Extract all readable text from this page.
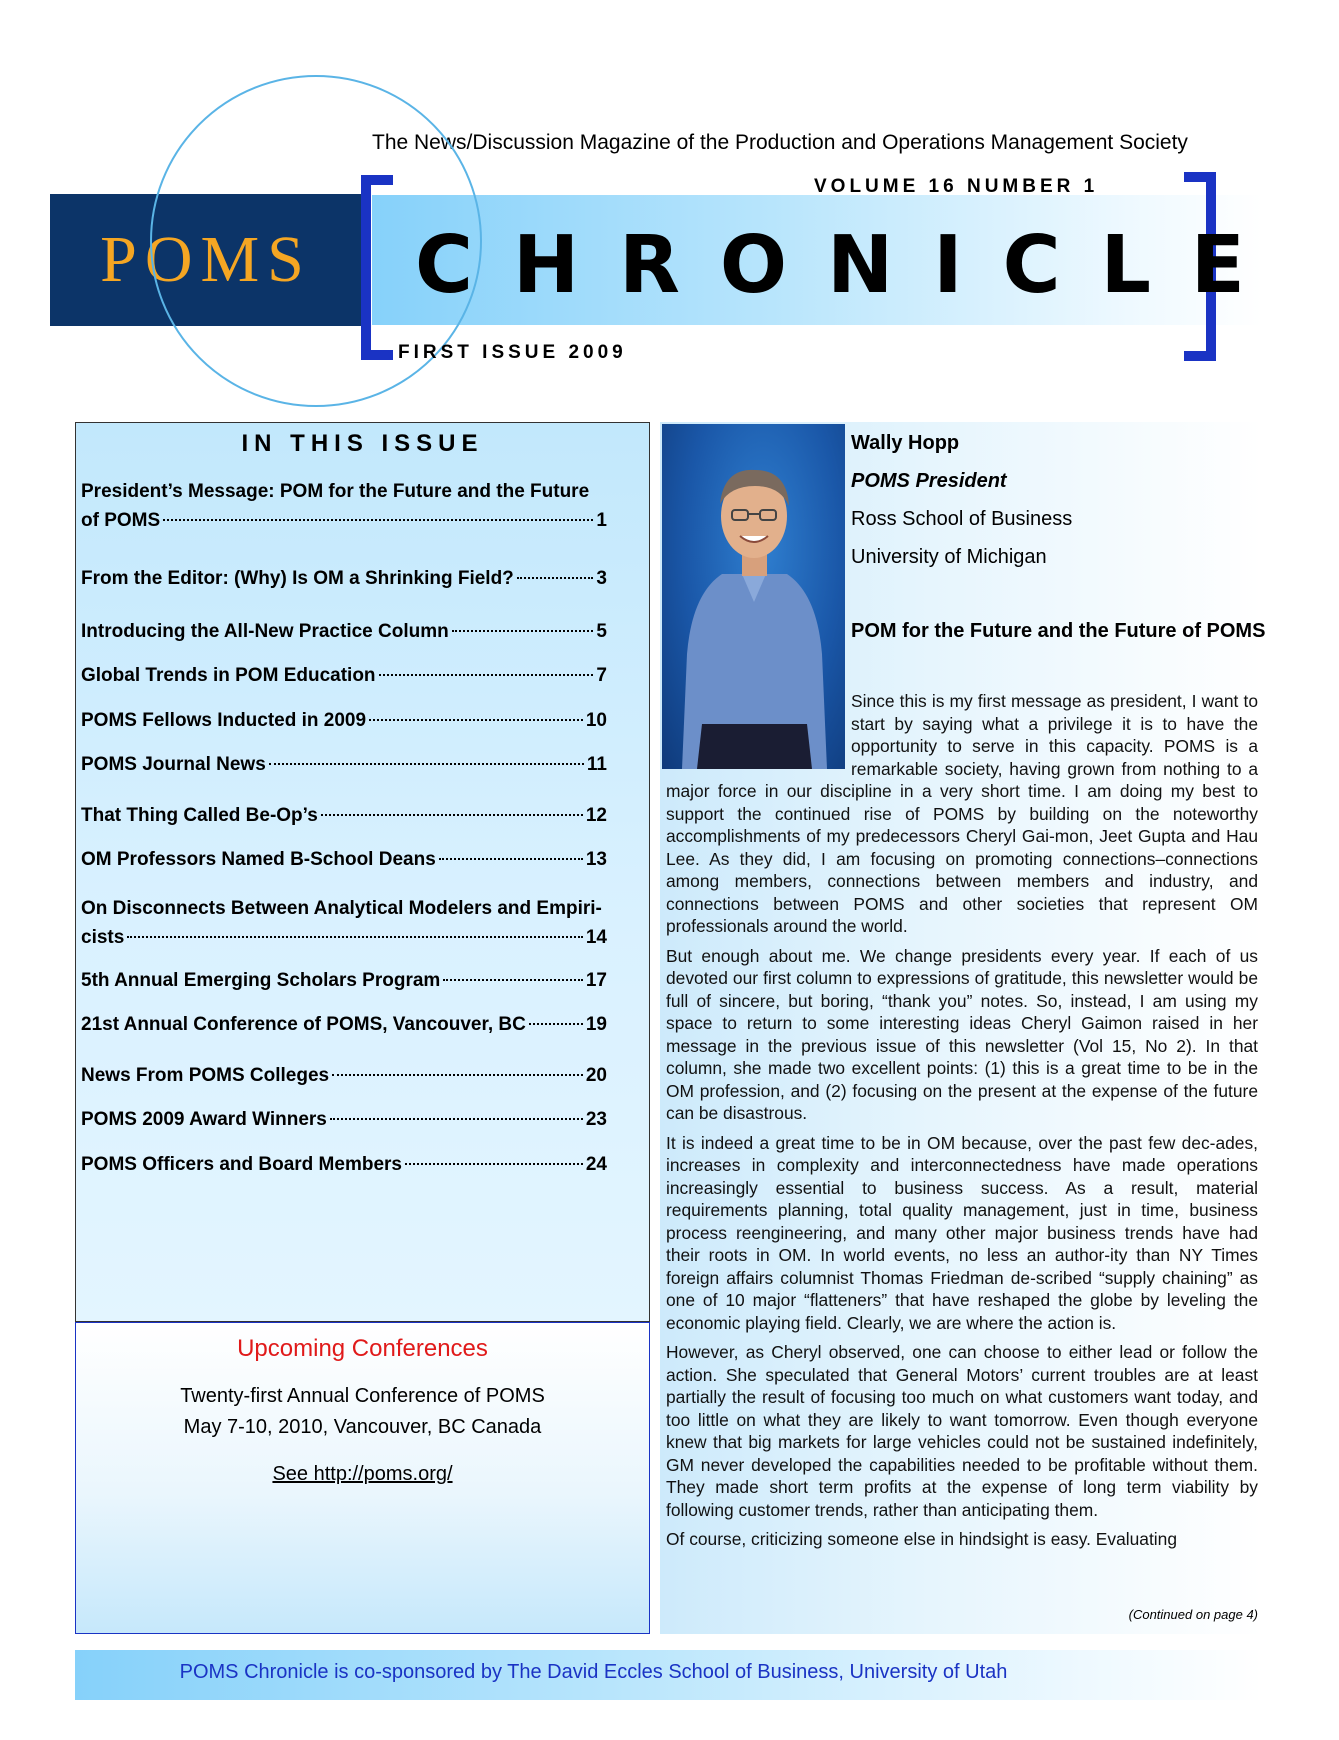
The News/Discussion Magazine of the Production and Operations Management Society
POMS
VOLUME 16 NUMBER 1
CHRONICLE
FIRST ISSUE 2009
IN THIS ISSUE
President’s Message: POM for the Future and the Future
of POMS	1
From the Editor: (Why) Is OM a Shrinking Field?	3
Introducing the All-New Practice Column	5
Global Trends in POM Education	7
POMS Fellows Inducted in 2009	10
POMS Journal News	11
That Thing Called Be-Op’s	12
OM Professors Named B-School Deans	13
On Disconnects Between Analytical Modelers and Empiri-
cists	14
5th Annual Emerging Scholars Program	17
21st Annual Conference of POMS, Vancouver, BC	19
News From POMS Colleges	20
POMS 2009 Award Winners	23
POMS Officers and Board Members	24
Upcoming Conferences
Twenty-first Annual Conference of POMS
May 7-10, 2010, Vancouver, BC Canada
See http://poms.org/
Wally Hopp
POMS President
Ross School of Business
University of Michigan
POM for the Future and the Future of POMS

Since this is my first message as president, I want to start by saying what a privilege it is to have the opportunity to serve in this capacity. POMS is a remarkable society, having grown from nothing to a major force in our discipline in a very short time. I am doing my best to support the continued rise of POMS by building on the noteworthy accomplishments of my predecessors Cheryl Gai-mon, Jeet Gupta and Hau Lee. As they did, I am focusing on promoting connections–connections among members, connections between members and industry, and connections between POMS and other societies that represent OM professionals around the world.

But enough about me. We change presidents every year. If each of us devoted our first column to expressions of gratitude, this newsletter would be full of sincere, but boring, “thank you” notes. So, instead, I am using my space to return to some interesting ideas Cheryl Gaimon raised in her message in the previous issue of this newsletter (Vol 15, No 2). In that column, she made two excellent points: (1) this is a great time to be in the OM profession, and (2) focusing on the present at the expense of the future can be disastrous.

It is indeed a great time to be in OM because, over the past few dec-ades, increases in complexity and interconnectedness have made operations increasingly essential to business success. As a result, material requirements planning, total quality management, just in time, business process reengineering, and many other major business trends have had their roots in OM. In world events, no less an author-ity than NY Times foreign affairs columnist Thomas Friedman de-scribed “supply chaining” as one of 10 major “flatteners” that have reshaped the globe by leveling the economic playing field. Clearly, we are where the action is.

However, as Cheryl observed, one can choose to either lead or follow the action. She speculated that General Motors’ current troubles are at least partially the result of focusing too much on what customers want today, and too little on what they are likely to want tomorrow. Even though everyone knew that big markets for large vehicles could not be sustained indefinitely, GM never developed the capabilities needed to be profitable without them. They made short term profits at the expense of long term viability by following customer trends, rather than anticipating them.

Of course, criticizing someone else in hindsight is easy. Evaluating

(Continued on page 4)
POMS Chronicle is co-sponsored by The David Eccles School of Business, University of Utah
